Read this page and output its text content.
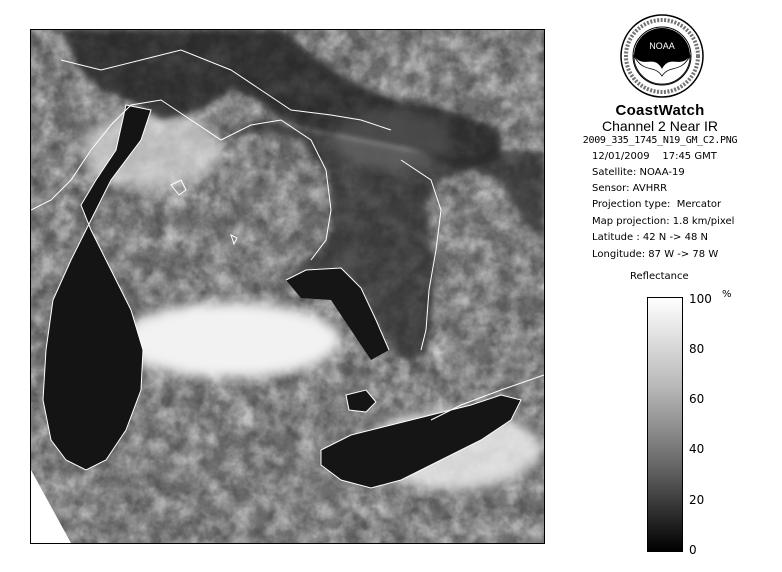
NOAA
CoastWatch
Channel 2 Near IR
2009_335_1745_N19_GM_C2.PNG
12/01/2009    17:45 GMT
Satellite: NOAA-19
Sensor: AVHRR
Projection type:  Mercator
Map projection: 1.8 km/pixel
Latitude : 42 N -> 48 N
Longitude: 87 W -> 78 W
Reflectance
%
100
80
60
40
20
0
